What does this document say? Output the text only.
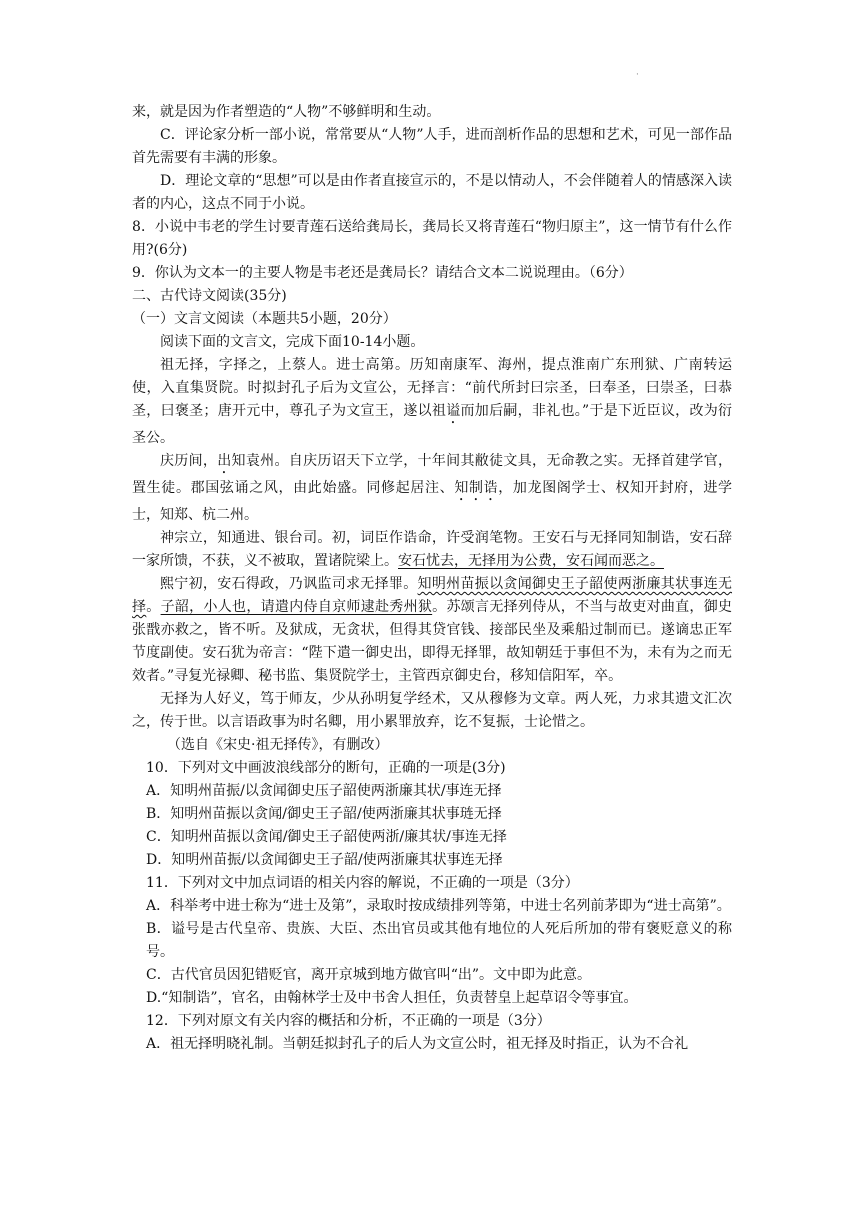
·

来，就是因为作者塑造的“人物”不够鲜明和生动。

C．评论家分析一部小说，常常要从“人物”人手，进而剖析作品的思想和艺术，可见一部作品首先需要有丰满的形象。

D．理论文章的“思想”可以是由作者直接宣示的，不是以情动人，不会伴随着人的情感深入读者的内心，这点不同于小说。

8．小说中韦老的学生讨要青莲石送给龚局长，龚局长又将青莲石“物归原主”，这一情节有什么作用?(6分)

9．你认为文本一的主要人物是韦老还是龚局长？请结合文本二说说理由。（6分）

二、古代诗文阅读(35分)

（一）文言文阅读（本题共5小题，20分）

阅读下面的文言文，完成下面10-14小题。

祖无择，字择之，上蔡人。进士高第。历知南康军、海州，提点淮南广东刑狱、广南转运使，入直集贤院。时拟封孔子后为文宣公，无择言：“前代所封曰宗圣，曰奉圣，曰崇圣，曰恭圣，曰褒圣；唐开元中，尊孔子为文宣王，遂以祖谥而加后嗣，非礼也。”于是下近臣议，改为衍圣公。

庆历间，出知袁州。自庆历诏天下立学，十年间其敝徒文具，无命教之实。无择首建学官，置生徒。郡国弦诵之风，由此始盛。同修起居注、知制诰，加龙图阁学士、权知开封府，进学士，知郑、杭二州。

神宗立，知通进、银台司。初，词臣作诰命，许受润笔物。王安石与无择同知制诰，安石辞一家所馈，不获，义不被取，置诸院梁上。安石忧去，无择用为公费，安石闻而恶之。

熙宁初，安石得政，乃讽监司求无择罪。知明州苗振以贪闻御史王子韶使两浙廉其状事连无择。子韶，小人也，请遣内侍自京师逮赴秀州狱。苏颂言无择列侍从，不当与故吏对曲直，御史张戬亦救之，皆不听。及狱成，无贪状，但得其贷官钱、接部民坐及乘船过制而已。遂谪忠正军节度副使。安石犹为帝言：“陛下遣一御史出，即得无择罪，故知朝廷于事但不为，未有为之而无效者。”寻复光禄卿、秘书监、集贤院学士，主管西京御史台，移知信阳军，卒。

无择为人好义，笃于师友，少从孙明复学经术，又从穆修为文章。两人死，力求其遗文汇次之，传于世。以言语政事为时名卿，用小累罪放弃，讫不复振，士论惜之。

（选自《宋史·祖无择传》，有删改）

10．下列对文中画波浪线部分的断句，正确的一项是(3分)

A．知明州苗振/以贪闻御史压子韶使两浙廉其状/事连无择

B．知明州苗振以贪闻/御史王子韶/使两浙廉其状事琏无择

C．知明州苗振以贪闻/御史王子韶使两浙/廉其状/事连无择

D．知明州苗振/以贪闻御史王子韶/使两浙廉其状事连无择

11．下列对文中加点词语的相关内容的解说，不正确的一项是（3分）

A．科举考中进士称为“进士及第”，录取时按成绩排列等第，中进士名列前茅即为“进士高第”。

B．谥号是古代皇帝、贵族、大臣、杰出官员或其他有地位的人死后所加的带有褒贬意义的称号。

C．古代官员因犯错贬官，离开京城到地方做官叫“出”。文中即为此意。

D.“知制诰”，官名，由翰林学士及中书舍人担任，负责替皇上起草诏令等事宜。

12．下列对原文有关内容的概括和分析，不正确的一项是（3分）

A．祖无择明晓礼制。当朝廷拟封孔子的后人为文宣公时，祖无择及时指正，认为不合礼
